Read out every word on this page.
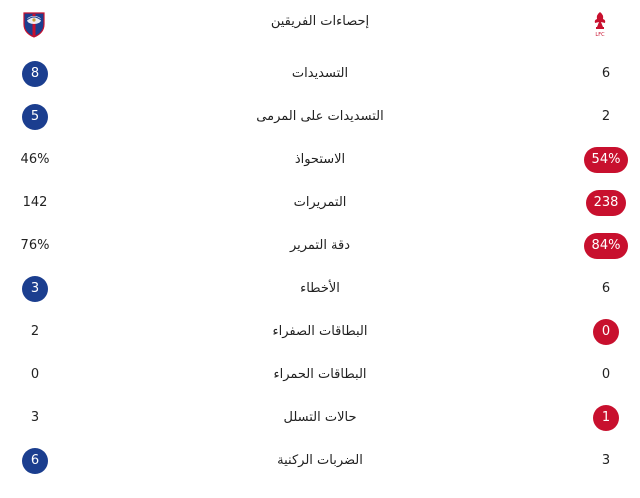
إحصاءات الفريقين
LFC
8	التسديدات	6
5	التسديدات على المرمى	2
46%	الاستحواذ	54%
142	التمريرات	238
76%	دقة التمرير	84%
3	الأخطاء	6
2	البطاقات الصفراء	0
0	البطاقات الحمراء	0
3	حالات التسلل	1
6	الضربات الركنية	3
